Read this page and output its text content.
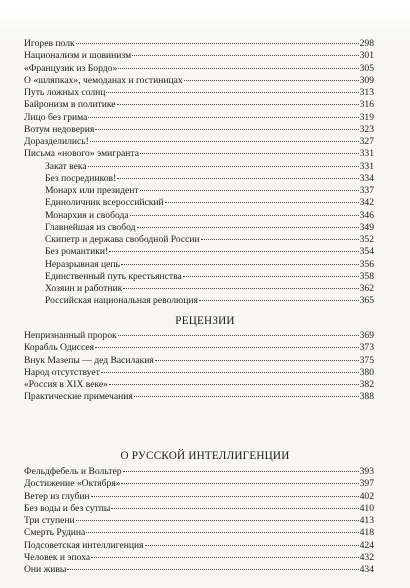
Игорев полк	298
Национализм и шовинизм	301
«Французик из Бордо»	305
О «шляпках», чемоданах и гостиницах	309
Путь ложных солнц	313
Байронизм в политике	316
Лицо без грима	319
Вотум недоверия	323
Доразделились!	327
Письма «нового» эмигранта	331
Закат века	331
Без посредников!	334
Монарх или президент	337
Единоличник всероссийский	342
Монархия и свобода	346
Главнейшая из свобод	349
Скипетр и держава свободной России	352
Без романтики!	354
Неразрывная цепь	356
Единственный путь крестьянства	358
Хозяин и работник	362
Российская национальная революция	365
РЕЦЕНЗИИ
Непризнанный пророк	369
Корабль Одиссея	373
Внук Мазепы — дед Василакия	375
Народ отсутствует	380
«Россия в XIX веке»	382
Практические примечания	388
О РУССКОЙ ИНТЕЛЛИГЕНЦИИ
Фельдфебель и Вольтер	393
Достижение «Октября»	397
Ветер из глубин	402
Без воды и без сутпы	410
Три ступени	413
Смерть Рудина	418
Подсоветская интеллигенция	424
Человек и эпоха	432
Они живы	434
